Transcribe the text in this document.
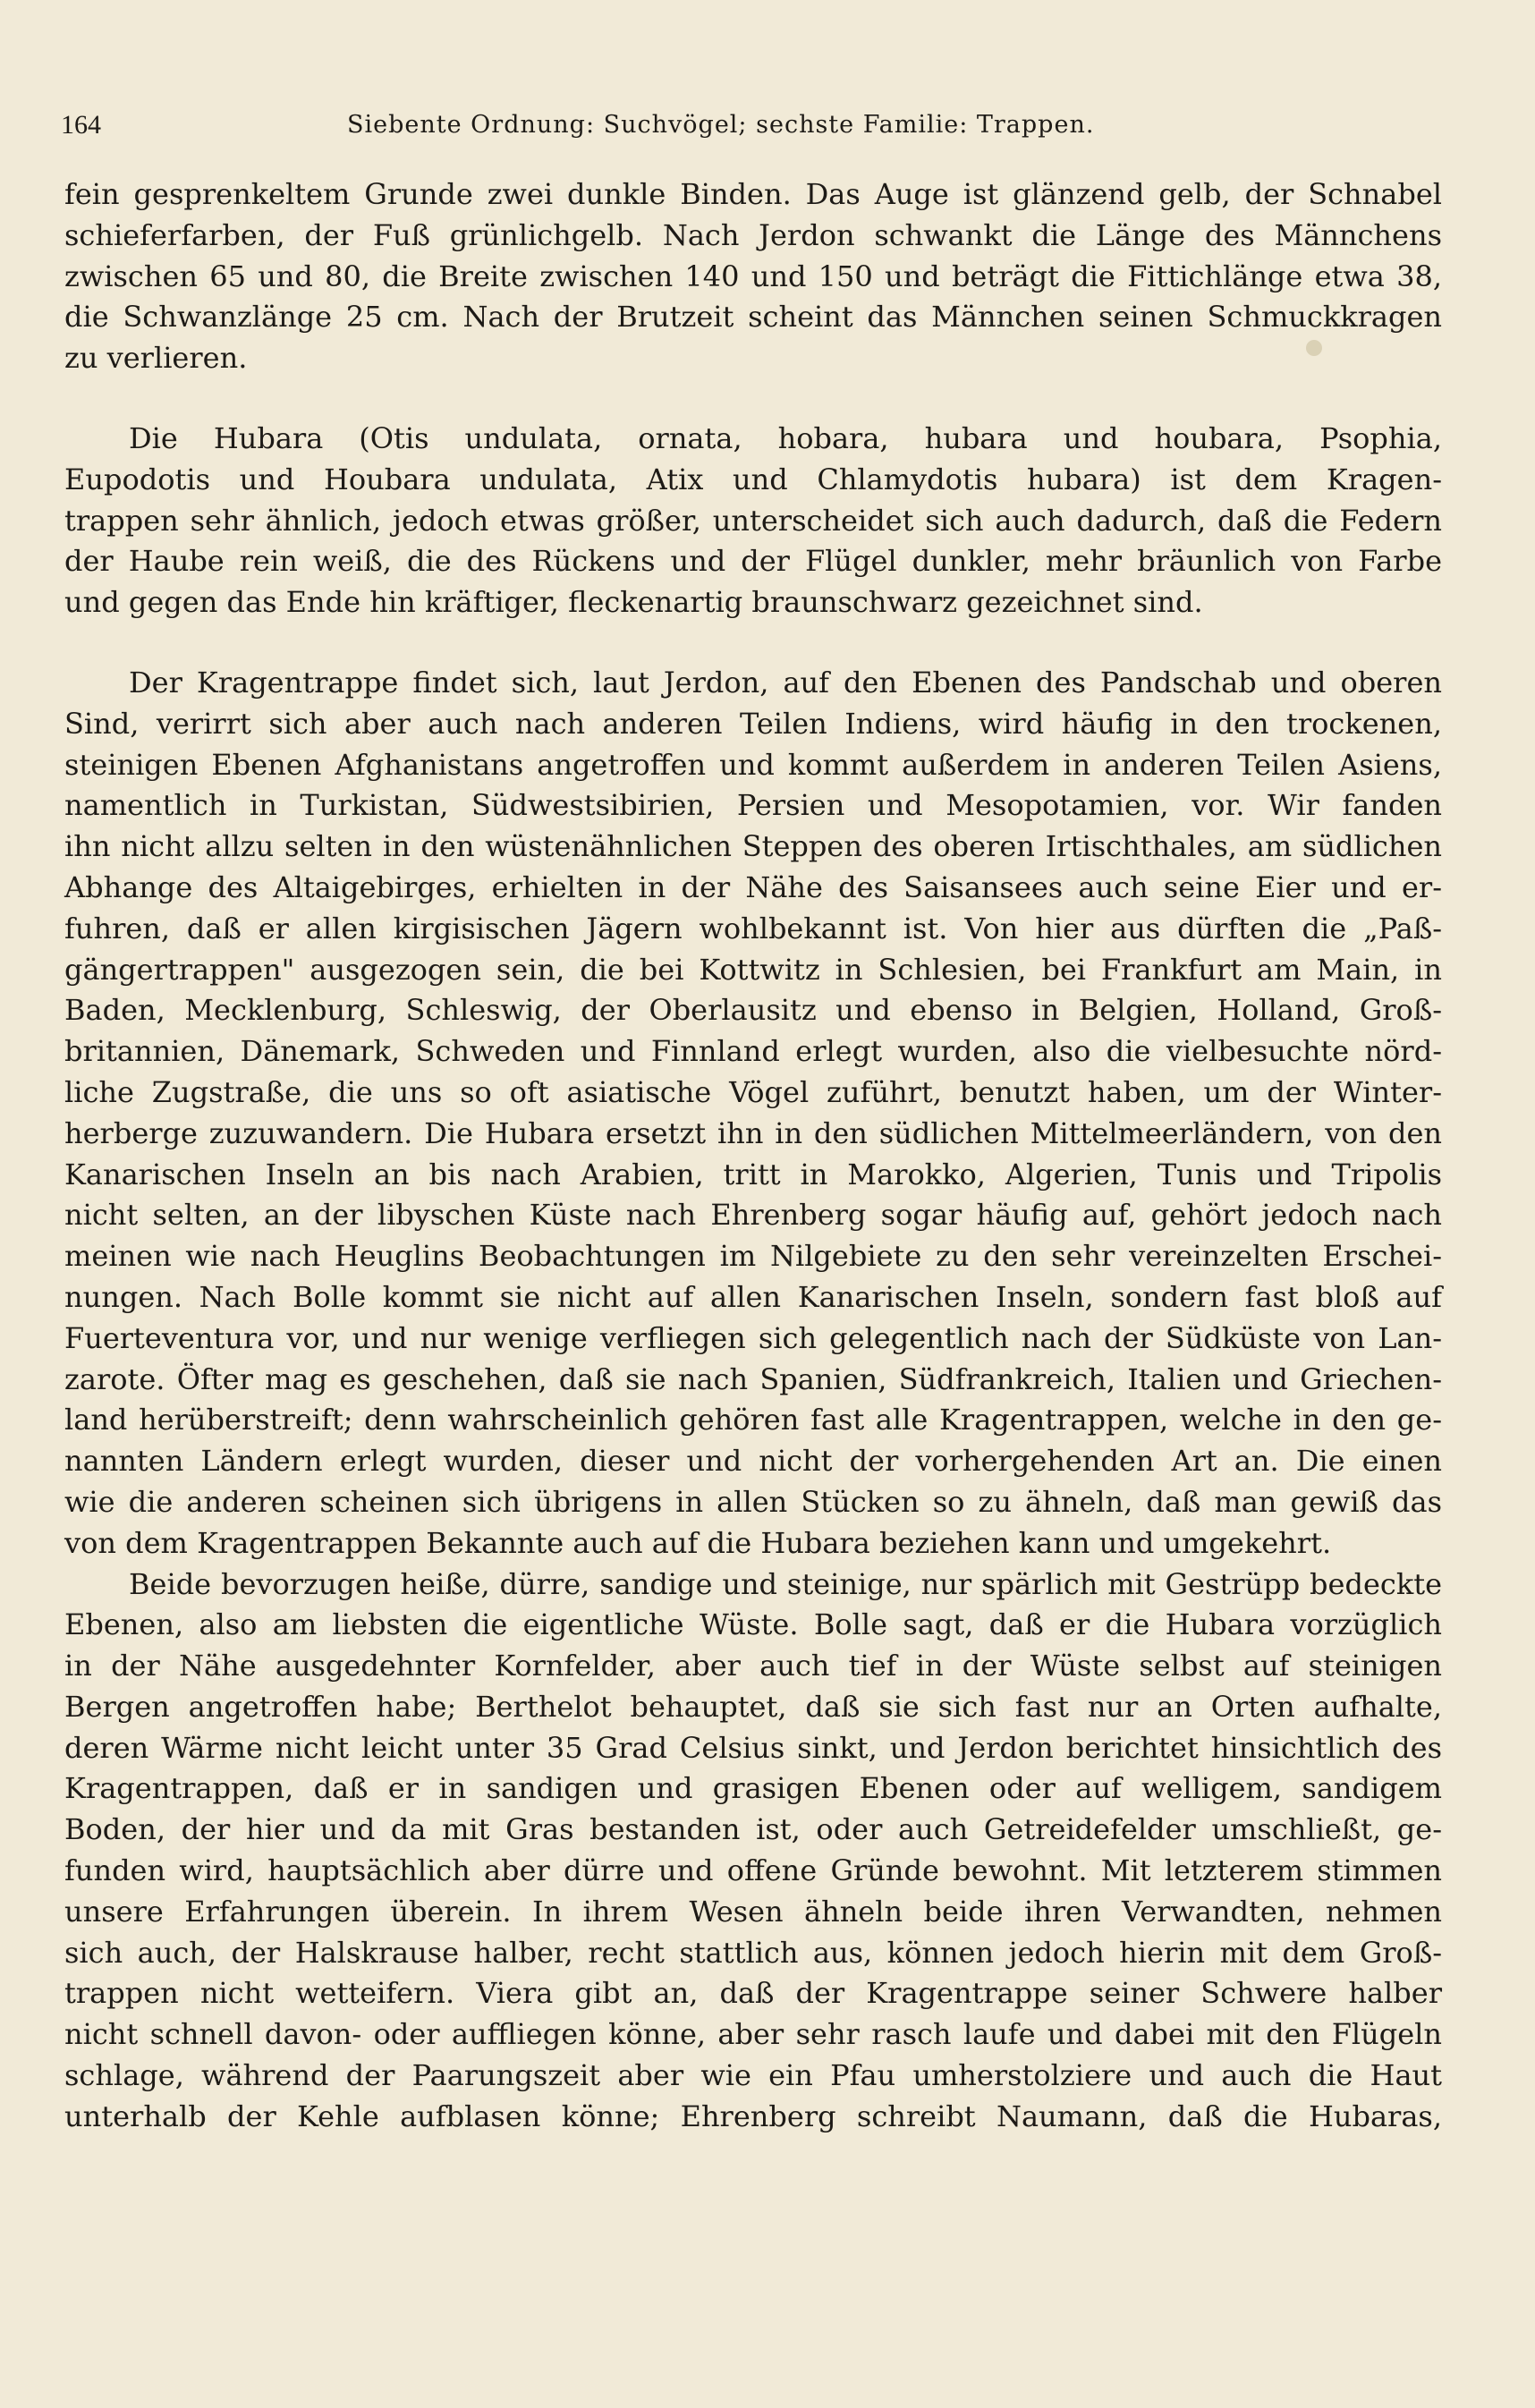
164	Siebente Ordnung: Suchvögel; sechste Familie: Trappen.
fein gesprenkeltem Grunde zwei dunkle Binden. Das Auge ist glänzend gelb, der Schnabel
schieferfarben, der Fuß grünlichgelb. Nach Jerdon schwankt die Länge des Männchens
zwischen 65 und 80, die Breite zwischen 140 und 150 und beträgt die Fittichlänge etwa 38,
die Schwanzlänge 25 cm. Nach der Brutzeit scheint das Männchen seinen Schmuckkragen
zu verlieren.
Die Hubara (Otis undulata, ornata, hobara, hubara und houbara, Psophia,
Eupodotis und Houbara undulata, Atix und Chlamydotis hubara) ist dem Kragen-
trappen sehr ähnlich, jedoch etwas größer, unterscheidet sich auch dadurch, daß die Federn
der Haube rein weiß, die des Rückens und der Flügel dunkler, mehr bräunlich von Farbe
und gegen das Ende hin kräftiger, fleckenartig braunschwarz gezeichnet sind.
Der Kragentrappe findet sich, laut Jerdon, auf den Ebenen des Pandschab und oberen
Sind, verirrt sich aber auch nach anderen Teilen Indiens, wird häufig in den trockenen,
steinigen Ebenen Afghanistans angetroffen und kommt außerdem in anderen Teilen Asiens,
namentlich in Turkistan, Südwestsibirien, Persien und Mesopotamien, vor. Wir fanden
ihn nicht allzu selten in den wüstenähnlichen Steppen des oberen Irtischthales, am südlichen
Abhange des Altaigebirges, erhielten in der Nähe des Saisansees auch seine Eier und er-
fuhren, daß er allen kirgisischen Jägern wohlbekannt ist. Von hier aus dürften die „Paß-
gängertrappen" ausgezogen sein, die bei Kottwitz in Schlesien, bei Frankfurt am Main, in
Baden, Mecklenburg, Schleswig, der Oberlausitz und ebenso in Belgien, Holland, Groß-
britannien, Dänemark, Schweden und Finnland erlegt wurden, also die vielbesuchte nörd-
liche Zugstraße, die uns so oft asiatische Vögel zuführt, benutzt haben, um der Winter-
herberge zuzuwandern. Die Hubara ersetzt ihn in den südlichen Mittelmeerländern, von den
Kanarischen Inseln an bis nach Arabien, tritt in Marokko, Algerien, Tunis und Tripolis
nicht selten, an der libyschen Küste nach Ehrenberg sogar häufig auf, gehört jedoch nach
meinen wie nach Heuglins Beobachtungen im Nilgebiete zu den sehr vereinzelten Erschei-
nungen. Nach Bolle kommt sie nicht auf allen Kanarischen Inseln, sondern fast bloß auf
Fuerteventura vor, und nur wenige verfliegen sich gelegentlich nach der Südküste von Lan-
zarote. Öfter mag es geschehen, daß sie nach Spanien, Südfrankreich, Italien und Griechen-
land herüberstreift; denn wahrscheinlich gehören fast alle Kragentrappen, welche in den ge-
nannten Ländern erlegt wurden, dieser und nicht der vorhergehenden Art an. Die einen
wie die anderen scheinen sich übrigens in allen Stücken so zu ähneln, daß man gewiß das
von dem Kragentrappen Bekannte auch auf die Hubara beziehen kann und umgekehrt.
Beide bevorzugen heiße, dürre, sandige und steinige, nur spärlich mit Gestrüpp bedeckte
Ebenen, also am liebsten die eigentliche Wüste. Bolle sagt, daß er die Hubara vorzüglich
in der Nähe ausgedehnter Kornfelder, aber auch tief in der Wüste selbst auf steinigen
Bergen angetroffen habe; Berthelot behauptet, daß sie sich fast nur an Orten aufhalte,
deren Wärme nicht leicht unter 35 Grad Celsius sinkt, und Jerdon berichtet hinsichtlich des
Kragentrappen, daß er in sandigen und grasigen Ebenen oder auf welligem, sandigem
Boden, der hier und da mit Gras bestanden ist, oder auch Getreidefelder umschließt, ge-
funden wird, hauptsächlich aber dürre und offene Gründe bewohnt. Mit letzterem stimmen
unsere Erfahrungen überein. In ihrem Wesen ähneln beide ihren Verwandten, nehmen
sich auch, der Halskrause halber, recht stattlich aus, können jedoch hierin mit dem Groß-
trappen nicht wetteifern. Viera gibt an, daß der Kragentrappe seiner Schwere halber
nicht schnell davon- oder auffliegen könne, aber sehr rasch laufe und dabei mit den Flügeln
schlage, während der Paarungszeit aber wie ein Pfau umherstolziere und auch die Haut
unterhalb der Kehle aufblasen könne; Ehrenberg schreibt Naumann, daß die Hubaras,
